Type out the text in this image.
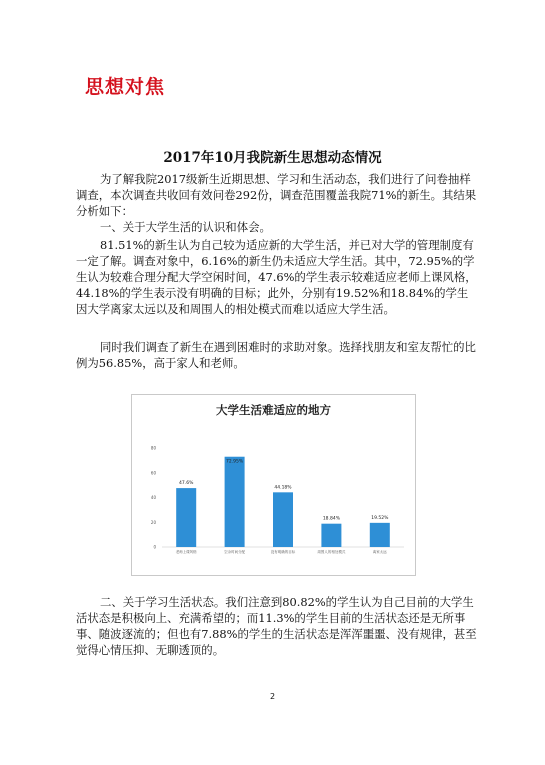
思想对焦
2017年10月我院新生思想动态情况

为了解我院2017级新生近期思想、学习和生活动态，我们进行了问卷抽样调查，本次调查共收回有效问卷292份，调查范围覆盖我院71%的新生。其结果分析如下：

一、关于大学生活的认识和体会。

81.51%的新生认为自己较为适应新的大学生活，并已对大学的管理制度有一定了解。调查对象中，6.16%的新生仍未适应大学生活。其中，72.95%的学生认为较难合理分配大学空闲时间，47.6%的学生表示较难适应老师上课风格，44.18%的学生表示没有明确的目标；此外，分别有19.52%和18.84%的学生因大学离家太远以及和周围人的相处模式而难以适应大学生活。

同时我们调查了新生在遇到困难时的求助对象。选择找朋友和室友帮忙的比例为56.85%，高于家人和老师。

大学生活难适应的地方
0
20
40
60
80
47.6%
72.95%
44.18%
18.84%	19.52%
老师上课风格	空余时间分配	没有明确的目标	周围人的相处模式	离家太远

二、关于学习生活状态。我们注意到80.82%的学生认为自己目前的大学生活状态是积极向上、充满希望的；而11.3%的学生目前的生活状态还是无所事事、随波逐流的；但也有7.88%的学生的生活状态是浑浑噩噩、没有规律，甚至觉得心情压抑、无聊透顶的。

2
